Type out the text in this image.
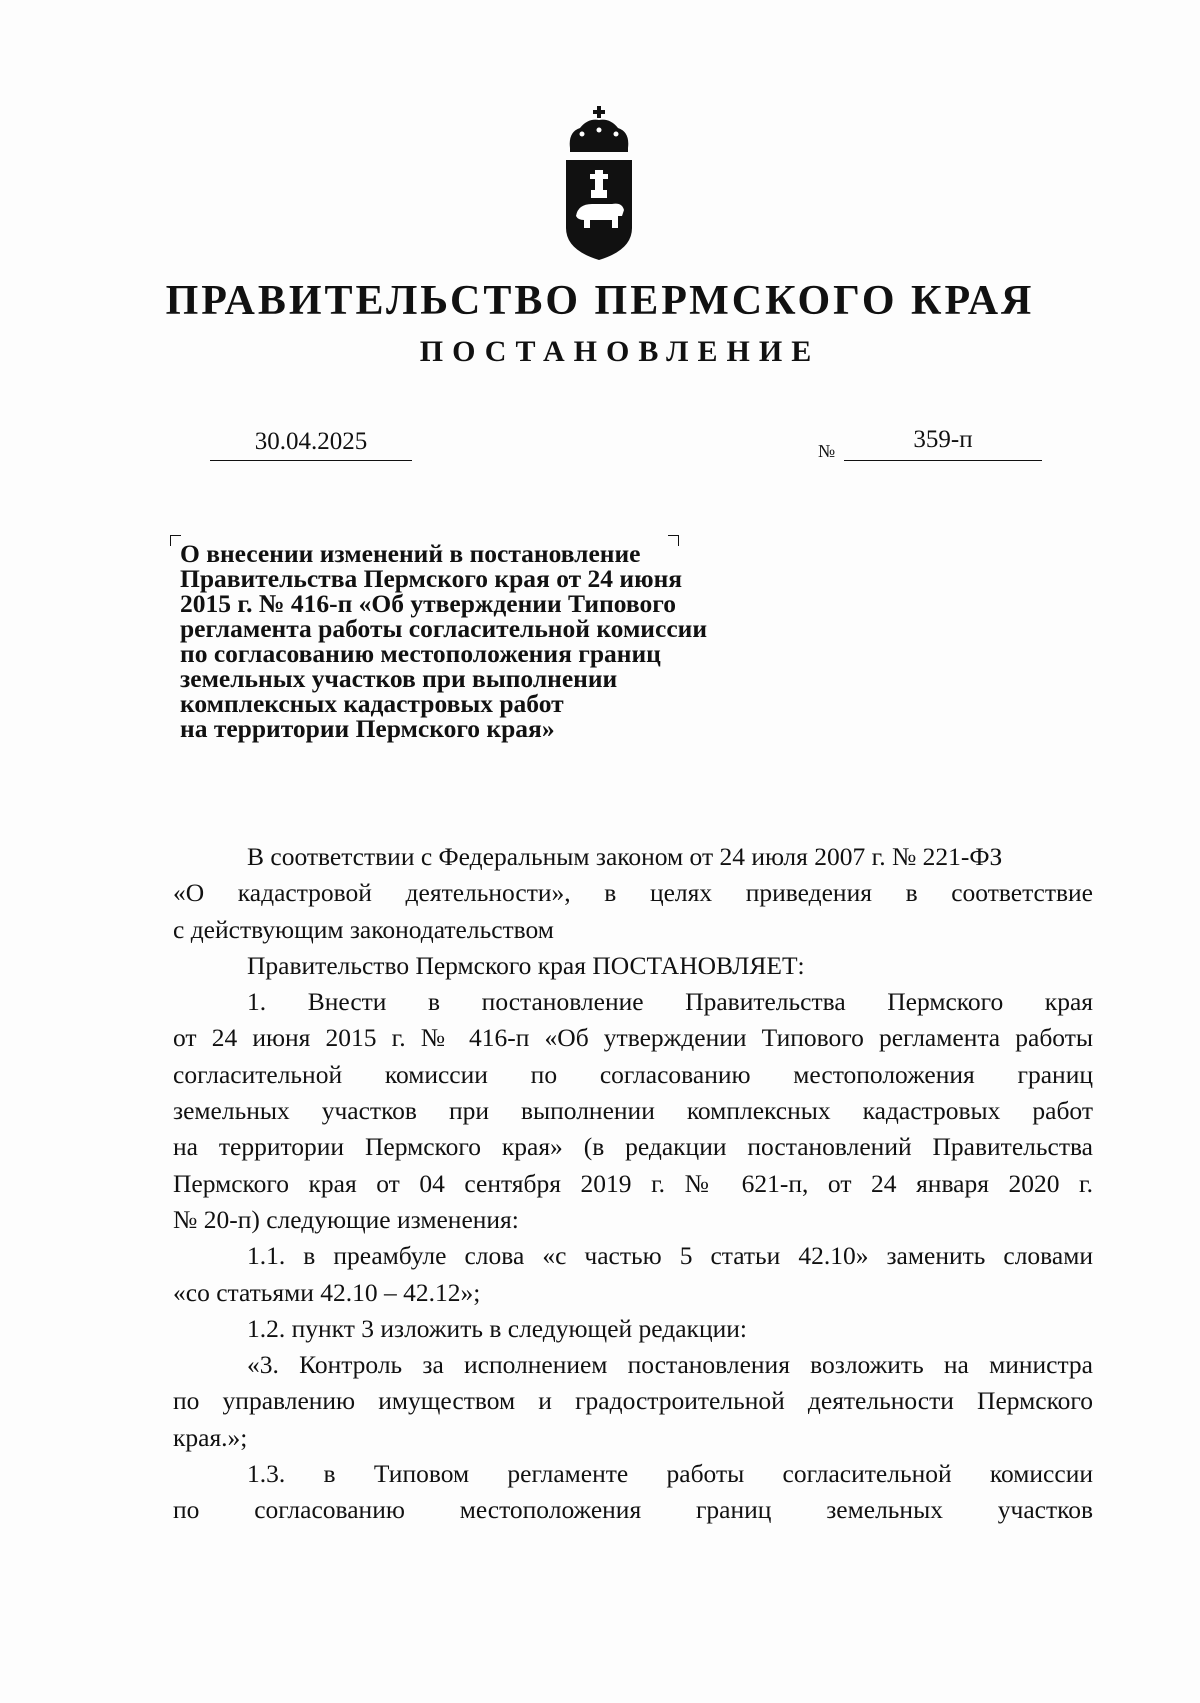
ПРАВИТЕЛЬСТВО ПЕРМСКОГО КРАЯ
ПОСТАНОВЛЕНИЕ
30.04.2025	№	359-п
О внесении изменений в постановление
Правительства Пермского края от 24 июня
2015 г. № 416-п «Об утверждении Типового
регламента работы согласительной комиссии
по согласованию местоположения границ
земельных участков при выполнении
комплексных кадастровых работ
на территории Пермского края»
В соответствии с Федеральным законом от 24 июля 2007 г. № 221-ФЗ
«О кадастровой деятельности», в целях приведения в соответствие
с действующим законодательством
Правительство Пермского края ПОСТАНОВЛЯЕТ:
1. Внести в постановление Правительства Пермского края
от 24 июня 2015 г. № 416-п «Об утверждении Типового регламента работы
согласительной комиссии по согласованию местоположения границ
земельных участков при выполнении комплексных кадастровых работ
на территории Пермского края» (в редакции постановлений Правительства
Пермского края от 04 сентября 2019 г. № 621-п, от 24 января 2020 г.
№ 20-п) следующие изменения:
1.1. в преамбуле слова «с частью 5 статьи 42.10» заменить словами
«со статьями 42.10 – 42.12»;
1.2. пункт 3 изложить в следующей редакции:
«3. Контроль за исполнением постановления возложить на министра
по управлению имуществом и градостроительной деятельности Пермского
края.»;
1.3. в Типовом регламенте работы согласительной комиссии
по согласованию местоположения границ земельных участков
